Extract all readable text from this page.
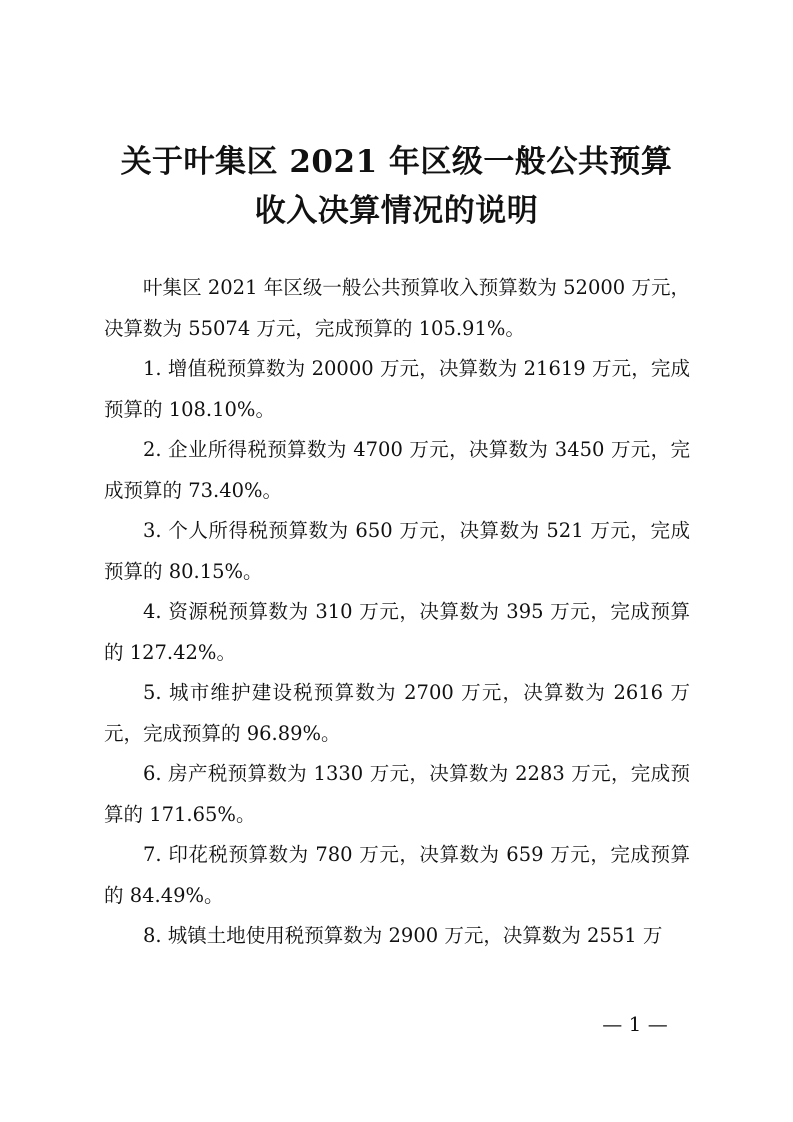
关于叶集区 2021 年区级一般公共预算
收入决算情况的说明

叶集区 2021 年区级一般公共预算收入预算数为 52000 万元，决算数为 55074 万元，完成预算的 105.91%。

1. 增值税预算数为 20000 万元，决算数为 21619 万元，完成预算的 108.10%。

2. 企业所得税预算数为 4700 万元，决算数为 3450 万元，完成预算的 73.40%。

3. 个人所得税预算数为 650 万元，决算数为 521 万元，完成预算的 80.15%。

4. 资源税预算数为 310 万元，决算数为 395 万元，完成预算的 127.42%。

5. 城市维护建设税预算数为 2700 万元，决算数为 2616 万元，完成预算的 96.89%。

6. 房产税预算数为 1330 万元，决算数为 2283 万元，完成预算的 171.65%。

7. 印花税预算数为 780 万元，决算数为 659 万元，完成预算的 84.49%。

8. 城镇土地使用税预算数为 2900 万元，决算数为 2551 万

— 1 —
